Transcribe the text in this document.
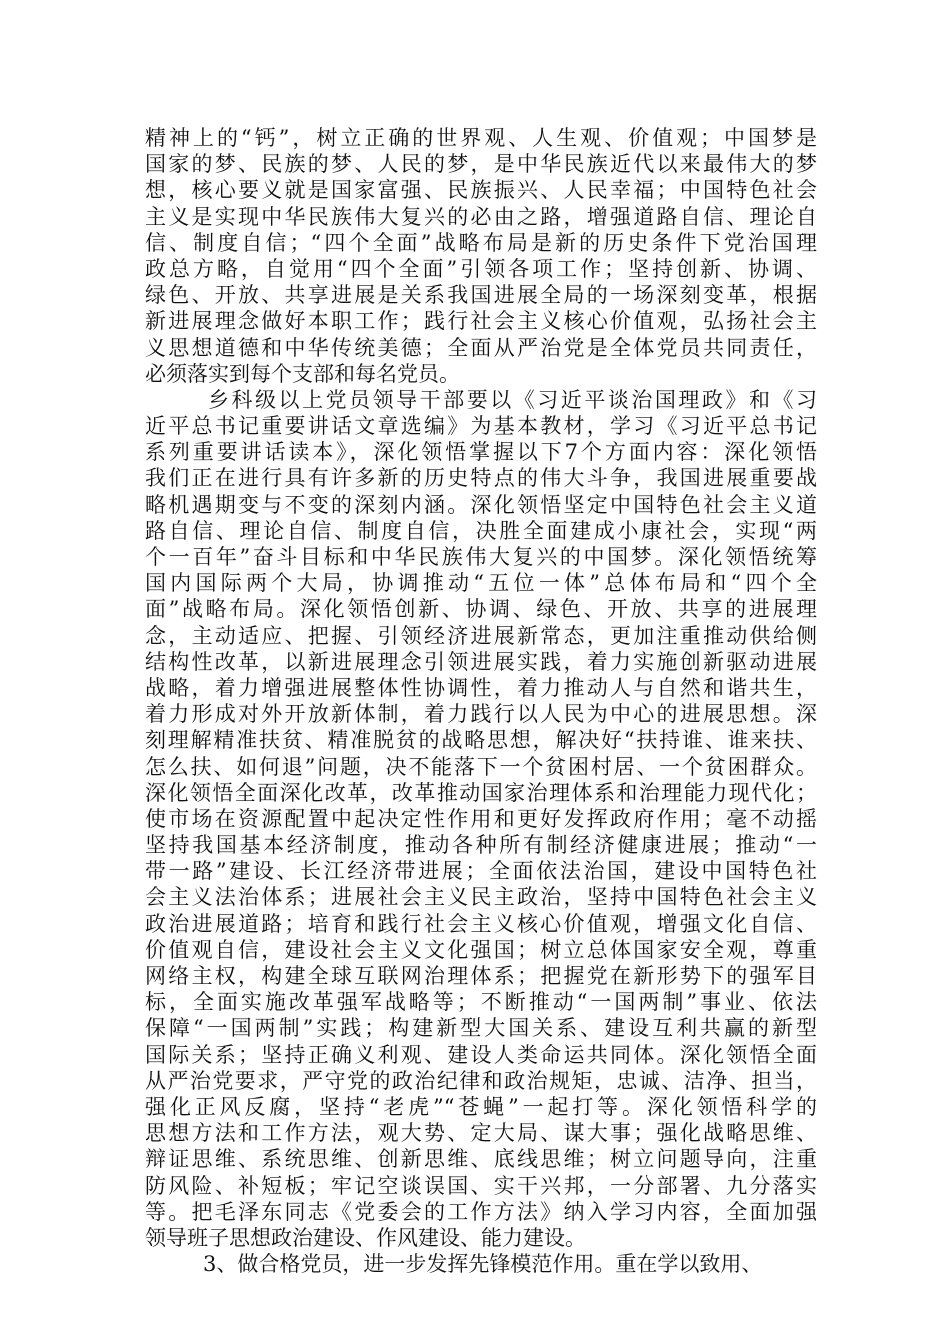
精神上的“钙”，树立正确的世界观、人生观、价值观；中国梦是
国家的梦、民族的梦、人民的梦，是中华民族近代以来最伟大的梦
想，核心要义就是国家富强、民族振兴、人民幸福；中国特色社会
主义是实现中华民族伟大复兴的必由之路，增强道路自信、理论自
信、制度自信；“四个全面”战略布局是新的历史条件下党治国理
政总方略，自觉用“四个全面”引领各项工作；坚持创新、协调、
绿色、开放、共享进展是关系我国进展全局的一场深刻变革，根据
新进展理念做好本职工作；践行社会主义核心价值观，弘扬社会主
义思想道德和中华传统美德；全面从严治党是全体党员共同责任，
必须落实到每个支部和每名党员。
乡科级以上党员领导干部要以《习近平谈治国理政》和《习
近平总书记重要讲话文章选编》为基本教材，学习《习近平总书记
系列重要讲话读本》，深化领悟掌握以下7个方面内容：深化领悟
我们正在进行具有许多新的历史特点的伟大斗争，我国进展重要战
略机遇期变与不变的深刻内涵。深化领悟坚定中国特色社会主义道
路自信、理论自信、制度自信，决胜全面建成小康社会，实现“两
个一百年”奋斗目标和中华民族伟大复兴的中国梦。深化领悟统筹
国内国际两个大局，协调推动“五位一体”总体布局和“四个全
面”战略布局。深化领悟创新、协调、绿色、开放、共享的进展理
念，主动适应、把握、引领经济进展新常态，更加注重推动供给侧
结构性改革，以新进展理念引领进展实践，着力实施创新驱动进展
战略，着力增强进展整体性协调性，着力推动人与自然和谐共生，
着力形成对外开放新体制，着力践行以人民为中心的进展思想。深
刻理解精准扶贫、精准脱贫的战略思想，解决好“扶持谁、谁来扶、
怎么扶、如何退”问题，决不能落下一个贫困村居、一个贫困群众。
深化领悟全面深化改革，改革推动国家治理体系和治理能力现代化；
使市场在资源配置中起决定性作用和更好发挥政府作用；毫不动摇
坚持我国基本经济制度，推动各种所有制经济健康进展；推动“一
带一路”建设、长江经济带进展；全面依法治国，建设中国特色社
会主义法治体系；进展社会主义民主政治，坚持中国特色社会主义
政治进展道路；培育和践行社会主义核心价值观，增强文化自信、
价值观自信，建设社会主义文化强国；树立总体国家安全观，尊重
网络主权，构建全球互联网治理体系；把握党在新形势下的强军目
标，全面实施改革强军战略等；不断推动“一国两制”事业、依法
保障“一国两制”实践；构建新型大国关系、建设互利共赢的新型
国际关系；坚持正确义利观、建设人类命运共同体。深化领悟全面
从严治党要求，严守党的政治纪律和政治规矩，忠诚、洁净、担当，
强化正风反腐，坚持“老虎”“苍蝇”一起打等。深化领悟科学的
思想方法和工作方法，观大势、定大局、谋大事；强化战略思维、
辩证思维、系统思维、创新思维、底线思维；树立问题导向，注重
防风险、补短板；牢记空谈误国、实干兴邦，一分部署、九分落实
等。把毛泽东同志《党委会的工作方法》纳入学习内容，全面加强
领导班子思想政治建设、作风建设、能力建设。
3、做合格党员，进一步发挥先锋模范作用。重在学以致用、
